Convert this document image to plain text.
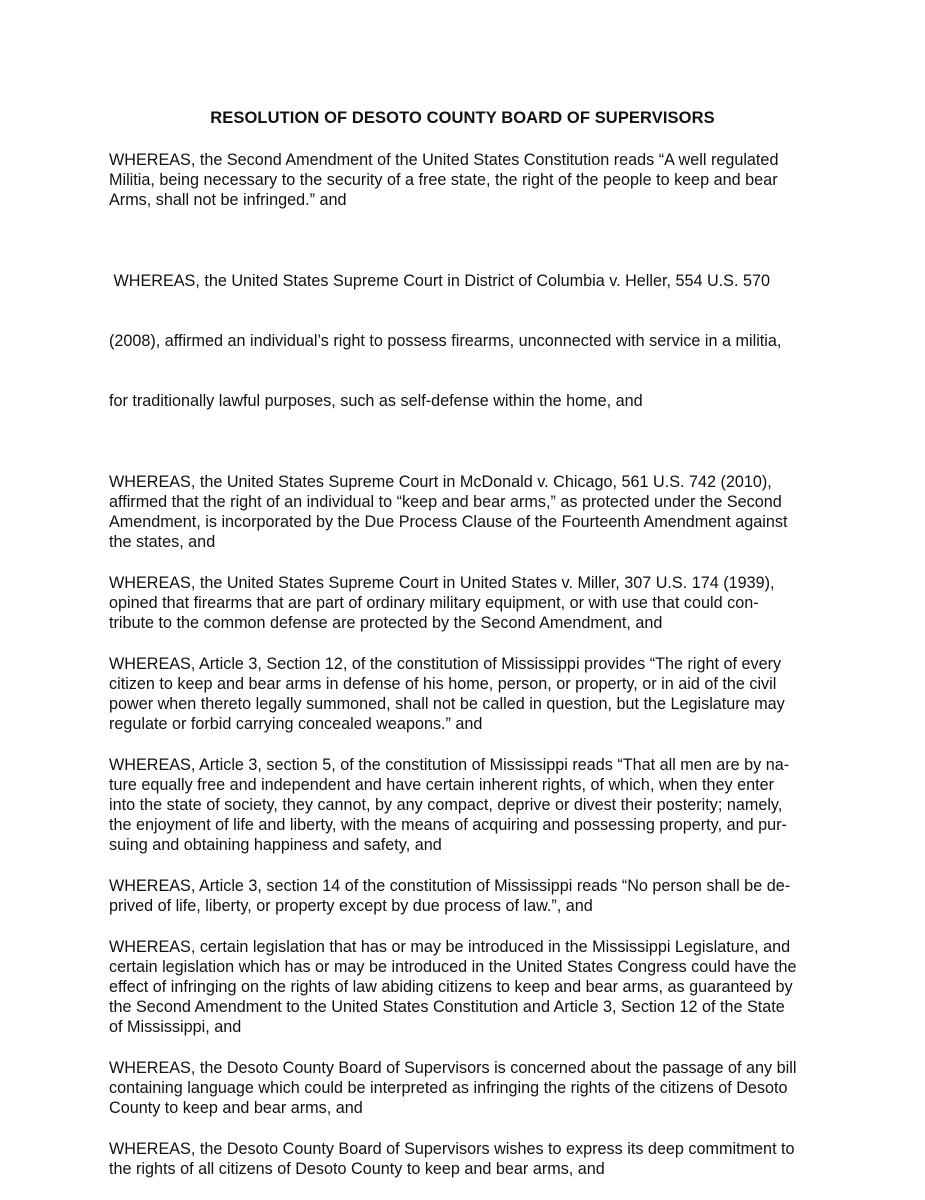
RESOLUTION OF DESOTO COUNTY BOARD OF SUPERVISORS
WHEREAS, the Second Amendment of the United States Constitution reads “A well regulated
Militia, being necessary to the security of a free state, the right of the people to keep and bear
Arms, shall not be infringed.” and

WHEREAS, the United States Supreme Court in District of Columbia v. Heller, 554 U.S. 570

(2008), affirmed an individual’s right to possess firearms, unconnected with service in a militia,

for traditionally lawful purposes, such as self-defense within the home, and

WHEREAS, the United States Supreme Court in McDonald v. Chicago, 561 U.S. 742 (2010),
affirmed that the right of an individual to “keep and bear arms,” as protected under the Second
Amendment, is incorporated by the Due Process Clause of the Fourteenth Amendment against
the states, and
WHEREAS, the United States Supreme Court in United States v. Miller, 307 U.S. 174 (1939),
opined that firearms that are part of ordinary military equipment, or with use that could con-
tribute to the common defense are protected by the Second Amendment, and
WHEREAS, Article 3, Section 12, of the constitution of Mississippi provides “The right of every
citizen to keep and bear arms in defense of his home, person, or property, or in aid of the civil
power when thereto legally summoned, shall not be called in question, but the Legislature may
regulate or forbid carrying concealed weapons.” and
WHEREAS, Article 3, section 5, of the constitution of Mississippi reads “That all men are by na-
ture equally free and independent and have certain inherent rights, of which, when they enter
into the state of society, they cannot, by any compact, deprive or divest their posterity; namely,
the enjoyment of life and liberty, with the means of acquiring and possessing property, and pur-
suing and obtaining happiness and safety, and
WHEREAS, Article 3, section 14 of the constitution of Mississippi reads “No person shall be de-
prived of life, liberty, or property except by due process of law.”, and
WHEREAS, certain legislation that has or may be introduced in the Mississippi Legislature, and
certain legislation which has or may be introduced in the United States Congress could have the
effect of infringing on the rights of law abiding citizens to keep and bear arms, as guaranteed by
the Second Amendment to the United States Constitution and Article 3, Section 12 of the State
of Mississippi, and
WHEREAS, the Desoto County Board of Supervisors is concerned about the passage of any bill
containing language which could be interpreted as infringing the rights of the citizens of Desoto
County to keep and bear arms, and
WHEREAS, the Desoto County Board of Supervisors wishes to express its deep commitment to
the rights of all citizens of Desoto County to keep and bear arms, and
